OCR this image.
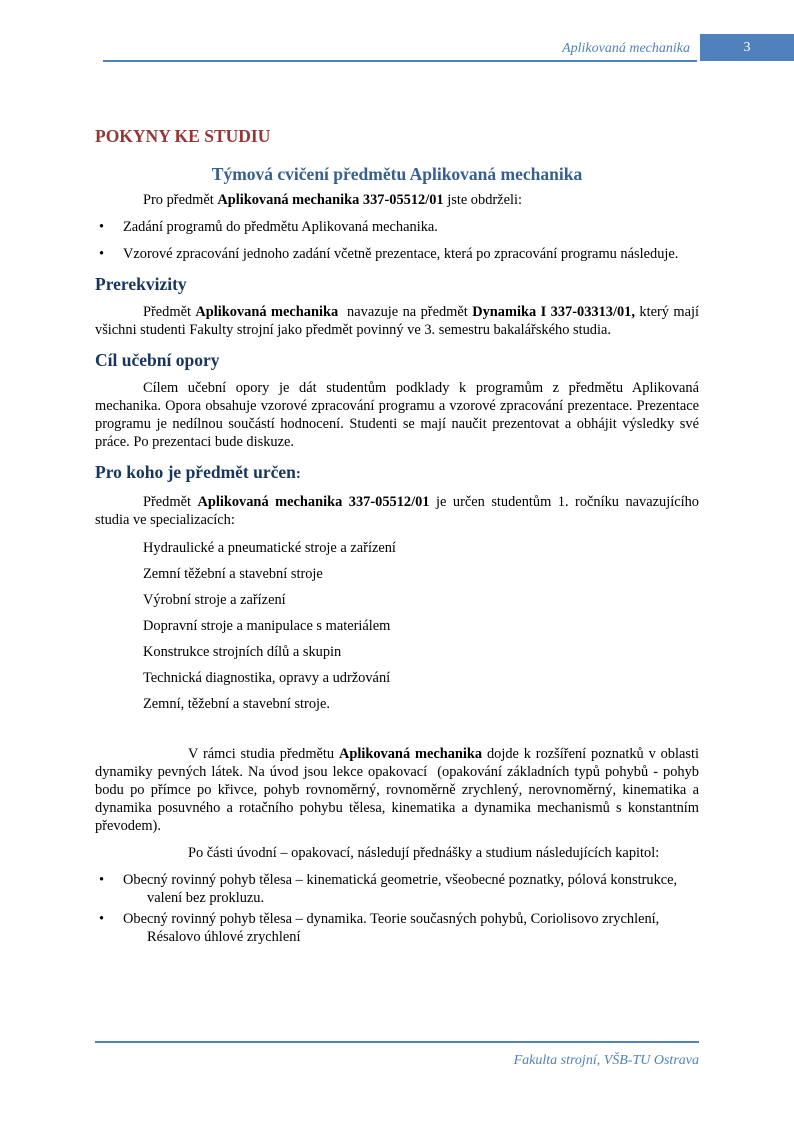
Aplikovaná mechanika	3
POKYNY KE STUDIU
Týmová cvičení předmětu Aplikovaná mechanika

Pro předmět Aplikovaná mechanika 337-05512/01 jste obdrželi:

• Zadání programů do předmětu Aplikovaná mechanika.
• Vzorové zpracování jednoho zadání včetně prezentace, která po zpracování programu následuje.
Prerekvizity

Předmět Aplikovaná mechanika  navazuje na předmět Dynamika I 337-03313/01, který mají všichni studenti Fakulty strojní jako předmět povinný ve 3. semestru bakalářského studia.

Cíl učební opory

Cílem učební opory je dát studentům podklady k programům z předmětu Aplikovaná mechanika. Opora obsahuje vzorové zpracování programu a vzorové zpracování prezentace. Prezentace programu je nedílnou součástí hodnocení. Studenti se mají naučit prezentovat a obhájit výsledky své práce. Po prezentaci bude diskuze.

Pro koho je předmět určen:

Předmět Aplikovaná mechanika 337-05512/01 je určen studentům 1. ročníku navazujícího studia ve specializacích:

Hydraulické a pneumatické stroje a zařízení
Zemní těžební a stavební stroje
Výrobní stroje a zařízení
Dopravní stroje a manipulace s materiálem
Konstrukce strojních dílů a skupin
Technická diagnostika, opravy a udržování
Zemní, těžební a stavební stroje.

V rámci studia předmětu Aplikovaná mechanika dojde k rozšíření poznatků v oblasti dynamiky pevných látek. Na úvod jsou lekce opakovací  (opakování základních typů pohybů - pohyb bodu po přímce po křivce, pohyb rovnoměrný, rovnoměrně zrychlený, nerovnoměrný, kinematika a dynamika posuvného a rotačního pohybu tělesa, kinematika a dynamika mechanismů s konstantním převodem).

Po části úvodní – opakovací, následují přednášky a studium následujících kapitol:

• Obecný rovinný pohyb tělesa – kinematická geometrie, všeobecné poznatky, pólová konstrukce, valení bez prokluzu.
• Obecný rovinný pohyb tělesa – dynamika. Teorie současných pohybů, Coriolisovo zrychlení, Résalovo úhlové zrychlení
Fakulta strojní, VŠB-TU Ostrava
